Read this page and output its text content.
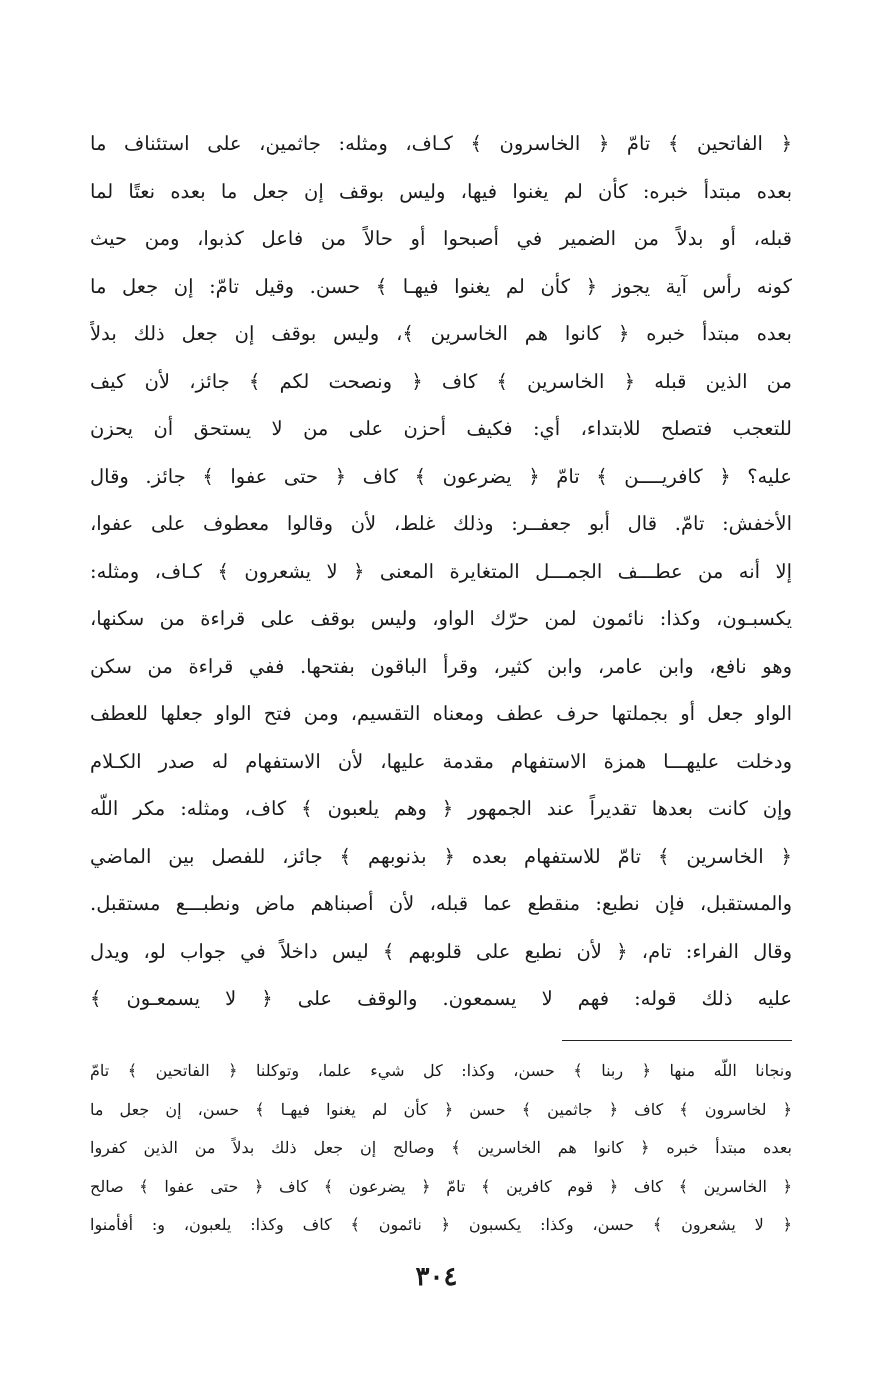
﴿ الفاتحين ﴾ تامّ ﴿ الخاسرون ﴾ كـاف، ومثله: جاثمين، على استئناف ما
بعده مبتدأ خبره: كأن لم يغنوا فيها، وليس بوقف إن جعل ما بعده نعتًا لما
قبله، أو بدلاً من الضمير في أصبحوا أو حالاً من فاعل كذبوا، ومن حيث
كونه رأس آية يجوز ﴿ كأن لم يغنوا فيهـا ﴾ حسن. وقيل تامّ: إن جعل ما
بعده مبتدأ خبره ﴿ كانوا هم الخاسرين ﴾، وليس بوقف إن جعل ذلك بدلاً
من الذين قبله ﴿ الخاسرين ﴾ كاف ﴿ ونصحت لكم ﴾ جائز، لأن كيف
للتعجب فتصلح للابتداء، أي: فكيف أحزن على من لا يستحق أن يحزن
عليه؟ ﴿ كافريــــن ﴾ تامّ ﴿ يضرعون ﴾ كاف ﴿ حتى عفوا ﴾ جائز. وقال
الأخفش: تامّ. قال أبو جعفــر: وذلك غلط، لأن وقالوا معطوف على عفوا،
إلا أنه من عطـــف الجمـــل المتغايرة المعنى ﴿ لا يشعرون ﴾ كـاف، ومثله:
يكسبـون، وكذا: نائمون لمن حرّك الواو، وليس بوقف على قراءة من سكنها،
وهو نافع، وابن عامر، وابن كثير، وقرأ الباقون بفتحها. ففي قراءة من سكن
الواو جعل أو بجملتها حرف عطف ومعناه التقسيم، ومن فتح الواو جعلها للعطف
ودخلت عليهـــا همزة الاستفهام مقدمة عليها، لأن الاستفهام له صدر الكـلام
وإن كانت بعدها تقديراً عند الجمهور ﴿ وهم يلعبون ﴾ كاف، ومثله: مكر اللّه
﴿ الخاسرين ﴾ تامّ للاستفهام بعده ﴿ بذنوبهم ﴾ جائز، للفصل بين الماضي
والمستقبل، فإن نطبع: منقطع عما قبله، لأن أصبناهم ماض ونطبـــع مستقبل.
وقال الفراء: تام، ﴿ لأن نطبع على قلوبهم ﴾ ليس داخلاً في جواب لو، ويدل
عليه ذلك قوله: فهم لا يسمعون. والوقف على ﴿ لا يسمعـون ﴾
ونجانا اللّه منها ﴿ ربنا ﴾ حسن، وكذا: كل شيء علما، وتوكلنا ﴿ الفاتحين ﴾ تامّ
﴿ لخاسرون ﴾ كاف ﴿ جاثمين ﴾ حسن ﴿ كأن لم يغنوا فيهـا ﴾ حسن، إن جعل ما
بعده مبتدأ خبره ﴿ كانوا هم الخاسرين ﴾ وصالح إن جعل ذلك بدلاً من الذين كفروا
﴿ الخاسرين ﴾ كاف ﴿ قوم كافرين ﴾ تامّ ﴿ يضرعون ﴾ كاف ﴿ حتى عفوا ﴾ صالح
﴿ لا يشعرون ﴾ حسن، وكذا: يكسبون ﴿ نائمون ﴾ كاف وكذا: يلعبون، و: أفأمنوا
٣٠٤
